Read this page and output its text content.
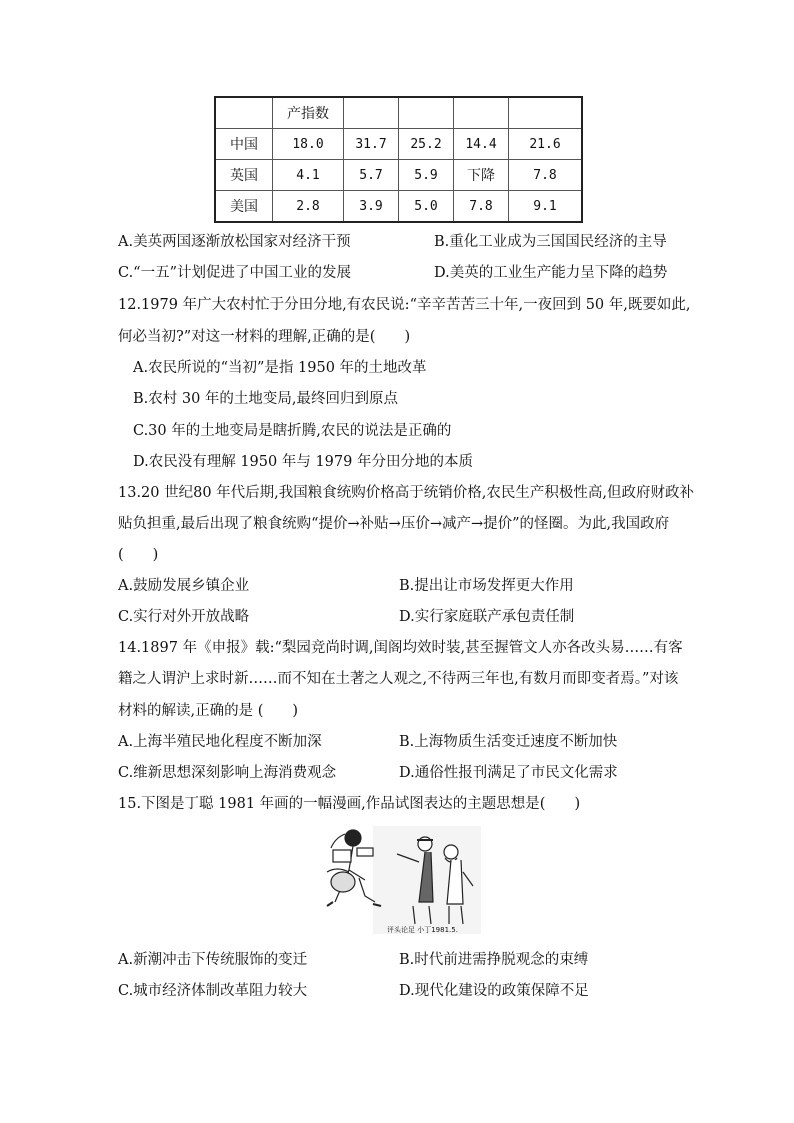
	产指数				
中国	18.0	31.7	25.2	14.4	21.6
英国	4.1	5.7	5.9	下降	7.8
美国	2.8	3.9	5.0	7.8	9.1
A.美英两国逐渐放松国家对经济干预	B.重化工业成为三国国民经济的主导
C.“一五”计划促进了中国工业的发展	D.美英的工业生产能力呈下降的趋势
12.1979 年广大农村忙于分田分地,有农民说:“辛辛苦苦三十年,一夜回到 50 年,既要如此,
何必当初?”对这一材料的理解,正确的是(　　)
A.农民所说的“当初”是指 1950 年的土地改革
B.农村 30 年的土地变局,最终回归到原点
C.30 年的土地变局是瞎折腾,农民的说法是正确的
D.农民没有理解 1950 年与 1979 年分田分地的本质
13.20 世纪80 年代后期,我国粮食统购价格高于统销价格,农民生产积极性高,但政府财政补
贴负担重,最后出现了粮食统购“提价→补贴→压价→减产→提价”的怪圈。为此,我国政府
(　　)
A.鼓励发展乡镇企业	B.提出让市场发挥更大作用
C.实行对外开放战略	D.实行家庭联产承包责任制
14.1897 年《申报》载:“梨园竞尚时调,闺阁均效时装,甚至握管文人亦各改头易……有客
籍之人谓沪上求时新……而不知在土著之人观之,不待两三年也,有数月而即变者焉。”对该
材料的解读,正确的是 (　　)
A.上海半殖民地化程度不断加深	B.上海物质生活变迁速度不断加快
C.维新思想深刻影响上海消费观念	D.通俗性报刊满足了市民文化需求
15.下图是丁聪 1981 年画的一幅漫画,作品试图表达的主题思想是(　　)
评头论足 小丁1981.5.
A.新潮冲击下传统服饰的变迁	B.时代前进需挣脱观念的束缚
C.城市经济体制改革阻力较大	D.现代化建设的政策保障不足
